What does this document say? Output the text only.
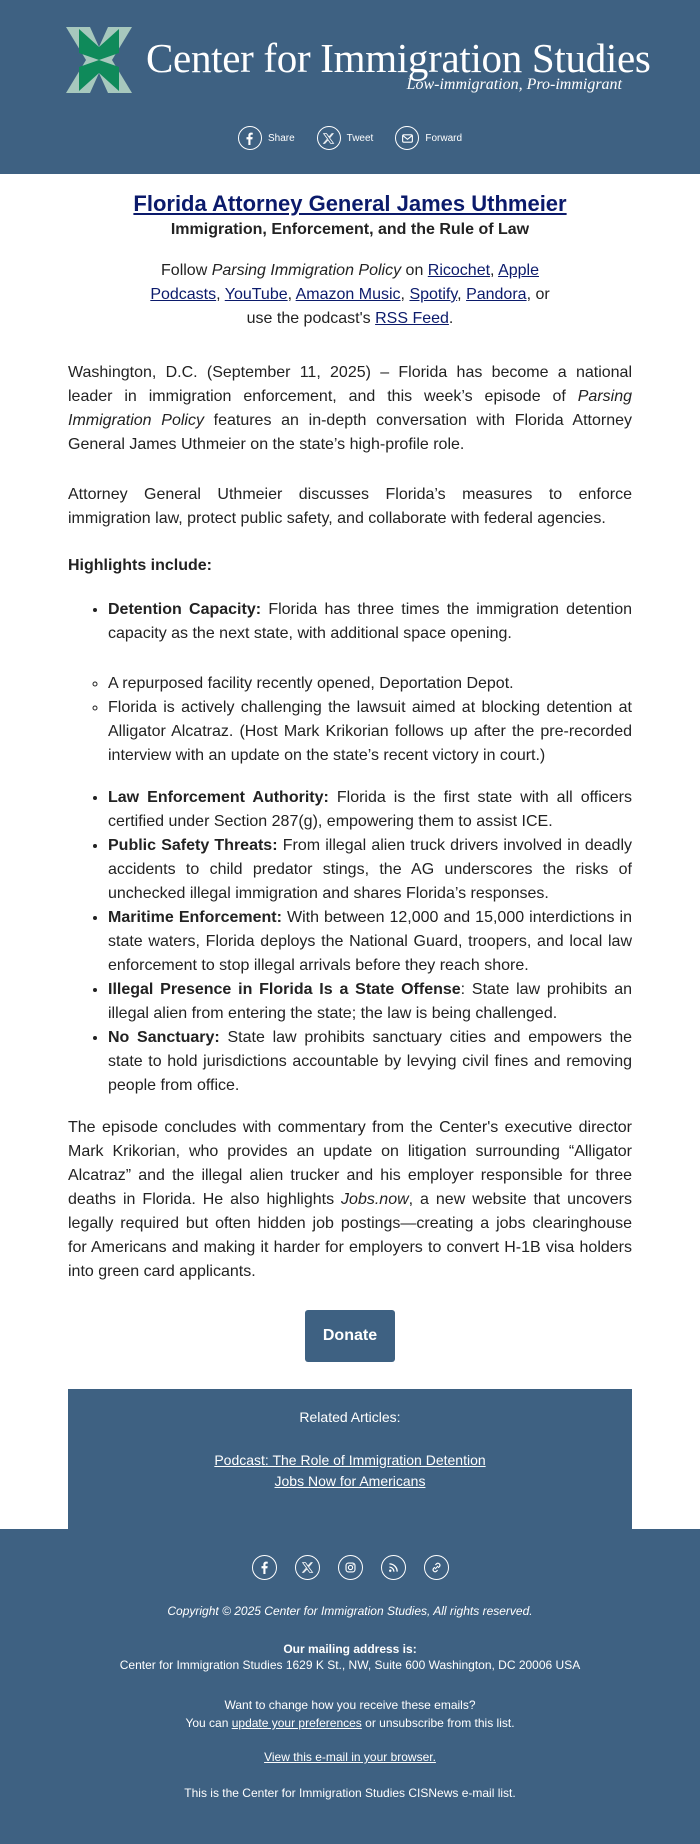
Center for Immigration Studies
Low-immigration, Pro-immigrant
Share	Tweet	Forward
Florida Attorney General James Uthmeier
Immigration, Enforcement, and the Rule of Law
Follow Parsing Immigration Policy on Ricochet, Apple Podcasts, YouTube, Amazon Music, Spotify, Pandora, or use the podcast's RSS Feed.

Washington, D.C. (September 11, 2025) – Florida has become a national leader in immigration enforcement, and this week’s episode of Parsing Immigration Policy features an in-depth conversation with Florida Attorney General James Uthmeier on the state’s high-profile role.

Attorney General Uthmeier discusses Florida’s measures to enforce immigration law, protect public safety, and collaborate with federal agencies.

Highlights include:
• Detention Capacity: Florida has three times the immigration detention capacity as the next state, with additional space opening.
◦ A repurposed facility recently opened, Deportation Depot.
◦ Florida is actively challenging the lawsuit aimed at blocking detention at Alligator Alcatraz. (Host Mark Krikorian follows up after the pre-recorded interview with an update on the state’s recent victory in court.)
• Law Enforcement Authority: Florida is the first state with all officers certified under Section 287(g), empowering them to assist ICE.
• Public Safety Threats: From illegal alien truck drivers involved in deadly accidents to child predator stings, the AG underscores the risks of unchecked illegal immigration and shares Florida’s responses.
• Maritime Enforcement: With between 12,000 and 15,000 interdictions in state waters, Florida deploys the National Guard, troopers, and local law enforcement to stop illegal arrivals before they reach shore.
• Illegal Presence in Florida Is a State Offense: State law prohibits an illegal alien from entering the state; the law is being challenged.
• No Sanctuary: State law prohibits sanctuary cities and empowers the state to hold jurisdictions accountable by levying civil fines and removing people from office.

The episode concludes with commentary from the Center's executive director Mark Krikorian, who provides an update on litigation surrounding “Alligator Alcatraz” and the illegal alien trucker and his employer responsible for three deaths in Florida. He also highlights Jobs.now, a new website that uncovers legally required but often hidden job postings—creating a jobs clearinghouse for Americans and making it harder for employers to convert H-1B visa holders into green card applicants.

Donate
Related Articles:
Podcast: The Role of Immigration Detention
Jobs Now for Americans
Copyright © 2025 Center for Immigration Studies, All rights reserved.
Our mailing address is:
Center for Immigration Studies 1629 K St., NW, Suite 600 Washington, DC 20006 USA
Want to change how you receive these emails?
You can update your preferences or unsubscribe from this list.
View this e-mail in your browser.
This is the Center for Immigration Studies CISNews e-mail list.
